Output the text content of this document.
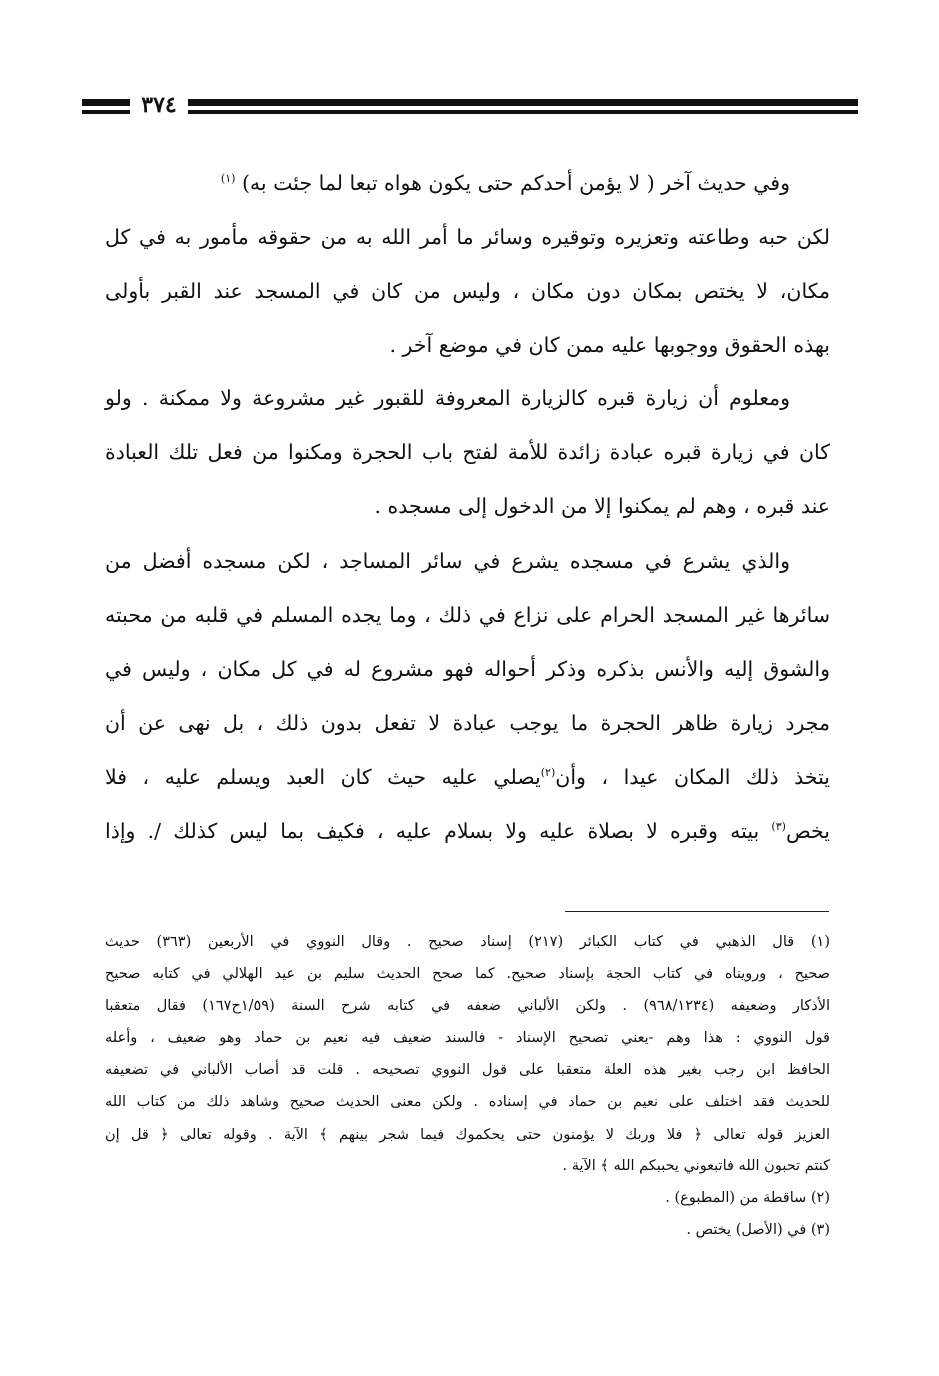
٣٧٤
وفي حديث آخر ( لا يؤمن أحدكم حتى يكون هواه تبعا لما جئت به) $^{(١)}$
لكن حبه وطاعته وتعزيره وتوقيره وسائر ما أمر الله به من حقوقه مأمور به في كل
مكان، لا يختص بمكان دون مكان ، وليس من كان في المسجد عند القبر بأولى
بهذه الحقوق ووجوبها عليه ممن كان في موضع آخر .
ومعلوم أن زيارة قبره كالزيارة المعروفة للقبور غير مشروعة ولا ممكنة . ولو
كان في زيارة قبره عبادة زائدة للأمة لفتح باب الحجرة ومكنوا من فعل تلك العبادة
عند قبره ، وهم لم يمكنوا إلا من الدخول إلى مسجده .
والذي يشرع في مسجده يشرع في سائر المساجد ، لكن مسجده أفضل من
سائرها غير المسجد الحرام على نزاع في ذلك ، وما يجده المسلم في قلبه من محبته
والشوق إليه والأنس بذكره وذكر أحواله فهو مشروع له في كل مكان ، وليس في
مجرد زيارة ظاهر الحجرة ما يوجب عبادة لا تفعل بدون ذلك ، بل نهى عن أن
يتخذ ذلك المكان عيدا ، وأن$^{(٢)}$يصلي عليه حيث كان العبد ويسلم عليه ، فلا
يخص$^{(٣)}$ بيته وقبره لا بصلاة عليه ولا بسلام عليه ، فكيف بما ليس كذلك /. وإذا
(١) قال الذهبي في كتاب الكبائر (٢١٧) إسناد صحيح . وقال النووي في الأربعين (٣٦٣) حديث
صحيح ، ورويناه في كتاب الحجة بإسناد صحيح. كما صحح الحديث سليم بن عيد الهلالي في كتابه صحيح
الأذكار وضعيفه (٩٦٨/١٢٣٤) . ولكن الألباني ضعفه في كتابه شرح السنة (١/٥٩ح١٦٧) فقال متعقبا
قول النووي : هذا وهم -يعني تصحيح الإسناد - فالسند ضعيف فيه نعيم بن حماد وهو ضعيف ، وأعله
الحافظ ابن رجب بغير هذه العلة متعقبا على قول النووي تصحيحه . قلت قد أصاب الألباني في تضعيفه
للحديث فقد اختلف على نعيم بن حماد في إسناده . ولكن معنى الحديث صحيح وشاهد ذلك من كتاب الله
العزيز قوله تعالى ﴿ فلا وربك لا يؤمنون حتى يحكموك فيما شجر بينهم ﴾ الآية . وقوله تعالى ﴿ قل إن
كنتم تحبون الله فاتبعوني يحببكم الله ﴾ الآية .
(٢) ساقطة من (المطبوع) .
(٣) في (الأصل) يختص .
